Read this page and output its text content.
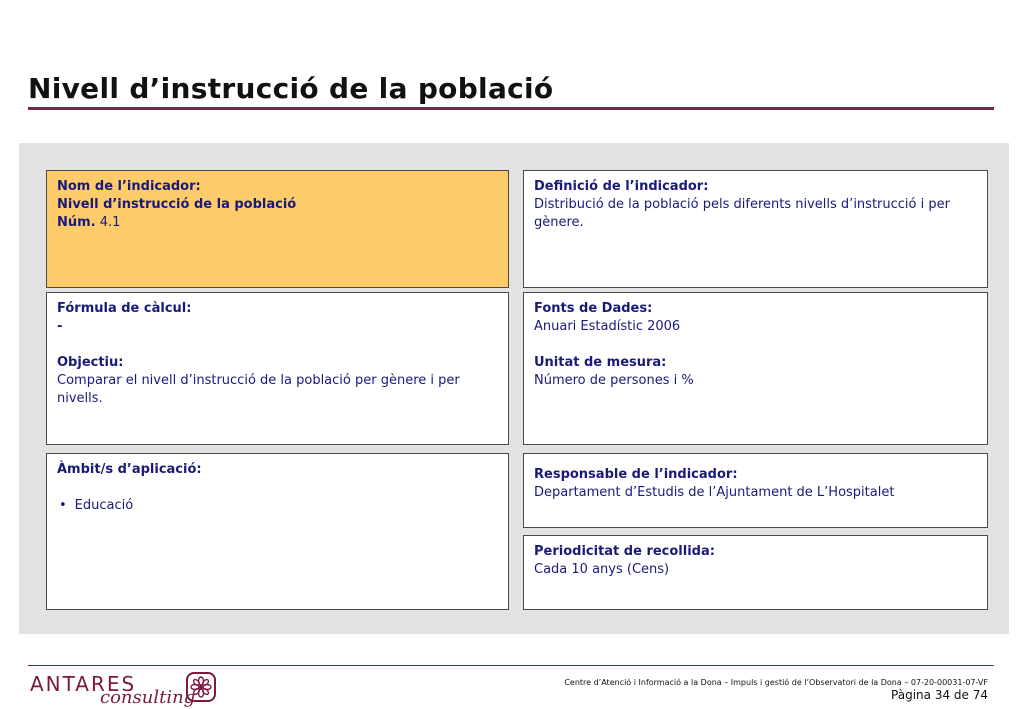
Nivell d’instrucció de la població
Nom de l’indicador:
Nivell d’instrucció de la població
Núm. 4.1
Definició de l’indicador:
Distribució de la població pels diferents nivells d’instrucció i per gènere.
Fórmula de càlcul:
-
Objectiu:
Comparar el nivell d’instrucció de la població per gènere i per nivells.
Fonts de Dades:
Anuari Estadístic 2006
Unitat de mesura:
Número de persones i %
Àmbit/s d’aplicació:
• Educació
Responsable de l’indicador:
Departament d’Estudis de l’Ajuntament de L’Hospitalet
Periodicitat de recollida:
Cada 10 anys (Cens)
ANTARES
consulting
Centre d’Atenció i Informació a la Dona – Impuls i gestió de l’Observatori de la Dona – 07-20-00031-07-VF
Pàgina 34 de 74
